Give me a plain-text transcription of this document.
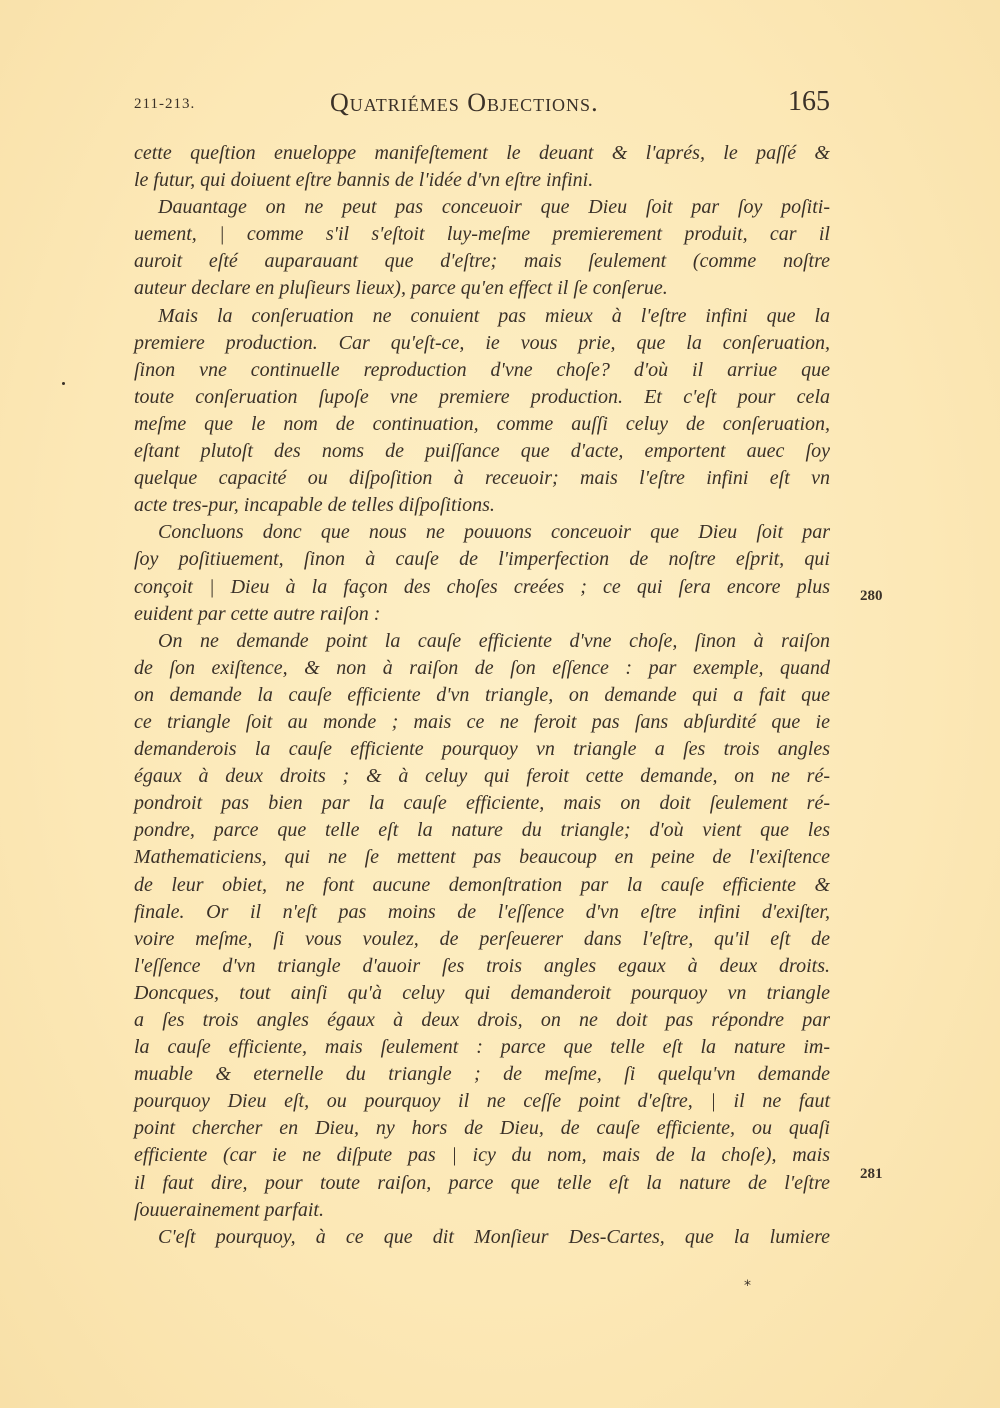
211-213.	Quatriémes Objections.	165
cette queſtion enueloppe manifeſtement le deuant & l'aprés, le paſſé &
le futur, qui doiuent eſtre bannis de l'idée d'vn eſtre infini.
Dauantage on ne peut pas conceuoir que Dieu ſoit par ſoy poſiti-
uement, | comme s'il s'eſtoit luy-meſme premierement produit, car il
auroit eſté auparauant que d'eſtre; mais ſeulement (comme noſtre
auteur declare en pluſieurs lieux), parce qu'en effect il ſe conſerue.
Mais la conſeruation ne conuient pas mieux à l'eſtre infini que la
premiere production. Car qu'eſt-ce, ie vous prie, que la conſeruation,
ſinon vne continuelle reproduction d'vne choſe? d'où il arriue que
toute conſeruation ſupoſe vne premiere production. Et c'eſt pour cela
meſme que le nom de continuation, comme auſſi celuy de conſeruation,
eſtant plutoſt des noms de puiſſance que d'acte, emportent auec ſoy
quelque capacité ou diſpoſition à receuoir; mais l'eſtre infini eſt vn
acte tres-pur, incapable de telles diſpoſitions.
Concluons donc que nous ne pouuons conceuoir que Dieu ſoit par
ſoy poſitiuement, ſinon à cauſe de l'imperfection de noſtre eſprit, qui
conçoit | Dieu à la façon des choſes creées ; ce qui ſera encore plus
euident par cette autre raiſon :
On ne demande point la cauſe efficiente d'vne choſe, ſinon à raiſon
de ſon exiſtence, & non à raiſon de ſon eſſence : par exemple, quand
on demande la cauſe efficiente d'vn triangle, on demande qui a fait que
ce triangle ſoit au monde ; mais ce ne feroit pas ſans abſurdité que ie
demanderois la cauſe efficiente pourquoy vn triangle a ſes trois angles
égaux à deux droits ; & à celuy qui feroit cette demande, on ne ré-
pondroit pas bien par la cauſe efficiente, mais on doit ſeulement ré-
pondre, parce que telle eſt la nature du triangle; d'où vient que les
Mathematiciens, qui ne ſe mettent pas beaucoup en peine de l'exiſtence
de leur obiet, ne font aucune demonſtration par la cauſe efficiente &
finale. Or il n'eſt pas moins de l'eſſence d'vn eſtre infini d'exiſter,
voire meſme, ſi vous voulez, de perſeuerer dans l'eſtre, qu'il eſt de
l'eſſence d'vn triangle d'auoir ſes trois angles egaux à deux droits.
Doncques, tout ainſi qu'à celuy qui demanderoit pourquoy vn triangle
a ſes trois angles égaux à deux drois, on ne doit pas répondre par
la cauſe efficiente, mais ſeulement : parce que telle eſt la nature im-
muable & eternelle du triangle ; de meſme, ſi quelqu'vn demande
pourquoy Dieu eſt, ou pourquoy il ne ceſſe point d'eſtre, | il ne faut
point chercher en Dieu, ny hors de Dieu, de cauſe efficiente, ou quaſi
efficiente (car ie ne diſpute pas | icy du nom, mais de la choſe), mais
il faut dire, pour toute raiſon, parce que telle eſt la nature de l'eſtre
ſouuerainement parfait.
C'eſt pourquoy, à ce que dit Monſieur Des-Cartes, que la lumiere
280
281
*
